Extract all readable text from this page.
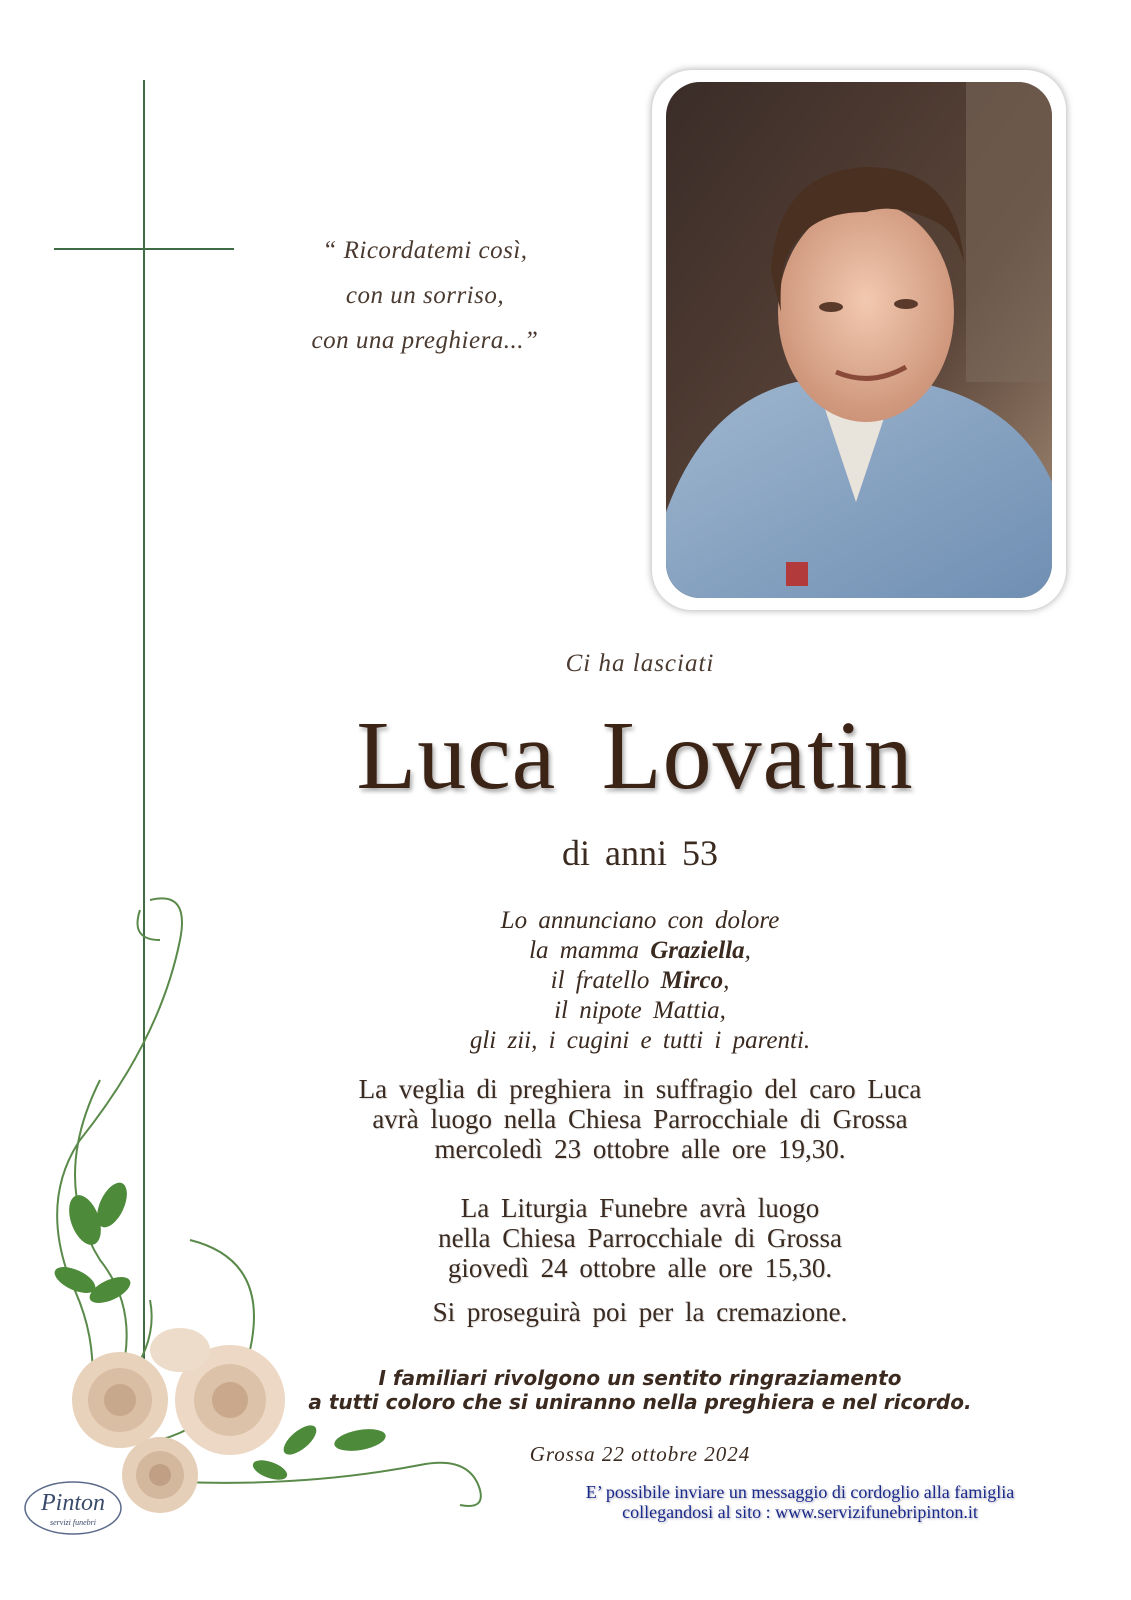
“ Ricordatemi così,
con un sorriso,
con una preghiera...”
Ci ha lasciati
Luca Lovatin
di anni 53
Lo annunciano con dolore
la mamma Graziella,
il fratello Mirco,
il nipote Mattia,
gli zii, i cugini e tutti i parenti.
La veglia di preghiera in suffragio del caro Luca
avrà luogo nella Chiesa Parrocchiale di Grossa
mercoledì 23 ottobre alle ore 19,30.
La Liturgia Funebre avrà luogo
nella Chiesa Parrocchiale di Grossa
giovedì 24 ottobre alle ore 15,30.
Si proseguirà poi per la cremazione.
I familiari rivolgono un sentito ringraziamento
a tutti coloro che si uniranno nella preghiera e nel ricordo.
Grossa 22 ottobre 2024
E’ possibile inviare un messaggio di cordoglio alla famiglia
collegandosi al sito : www.servizifunebripinton.it
Pinton
servizi funebri
